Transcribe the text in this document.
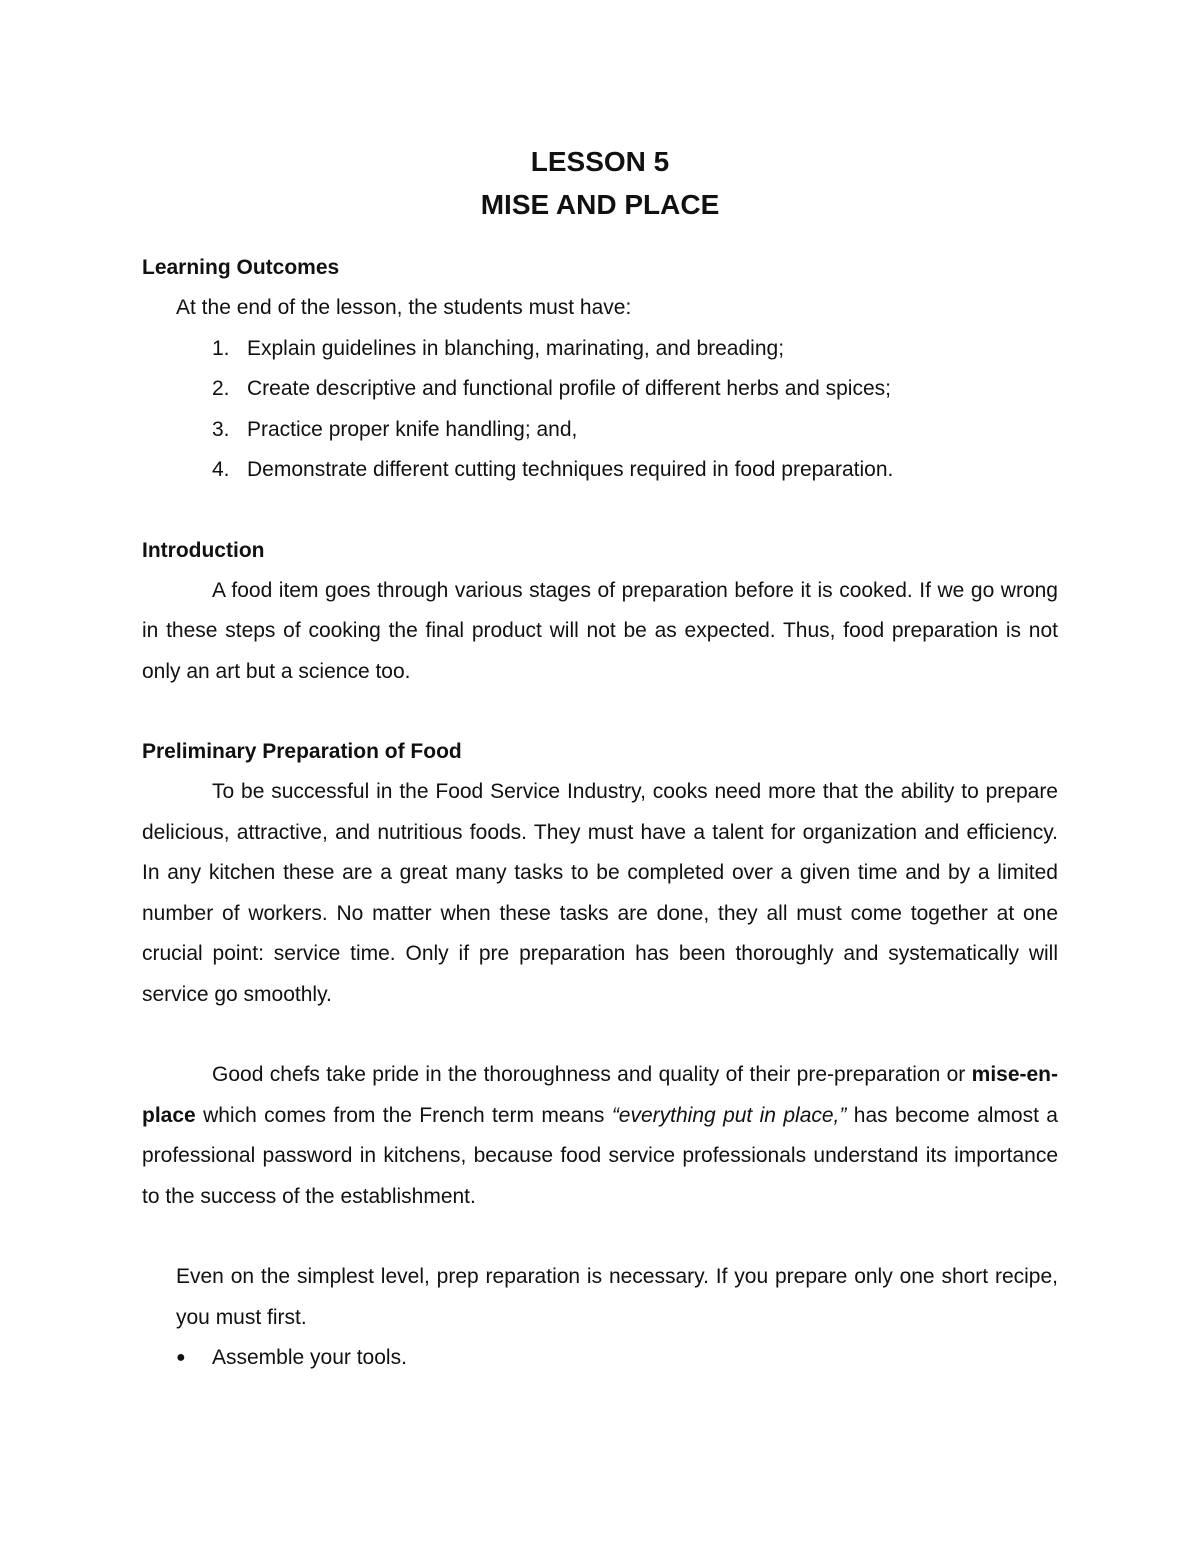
LESSON 5
MISE AND PLACE
Learning Outcomes

At the end of the lesson, the students must have:

1. Explain guidelines in blanching, marinating, and breading;
2. Create descriptive and functional profile of different herbs and spices;
3. Practice proper knife handling; and,
4. Demonstrate different cutting techniques required in food preparation.
Introduction

A food item goes through various stages of preparation before it is cooked. If we go wrong in these steps of cooking the final product will not be as expected. Thus, food preparation is not only an art but a science too.

Preliminary Preparation of Food

To be successful in the Food Service Industry, cooks need more that the ability to prepare delicious, attractive, and nutritious foods. They must have a talent for organization and efficiency. In any kitchen these are a great many tasks to be completed over a given time and by a limited number of workers. No matter when these tasks are done, they all must come together at one crucial point: service time. Only if pre preparation has been thoroughly and systematically will service go smoothly.

Good chefs take pride in the thoroughness and quality of their pre-preparation or mise-en-place which comes from the French term means “everything put in place,” has become almost a professional password in kitchens, because food service professionals understand its importance to the success of the establishment.

Even on the simplest level, prep reparation is necessary. If you prepare only one short recipe, you must first.

● Assemble your tools.
